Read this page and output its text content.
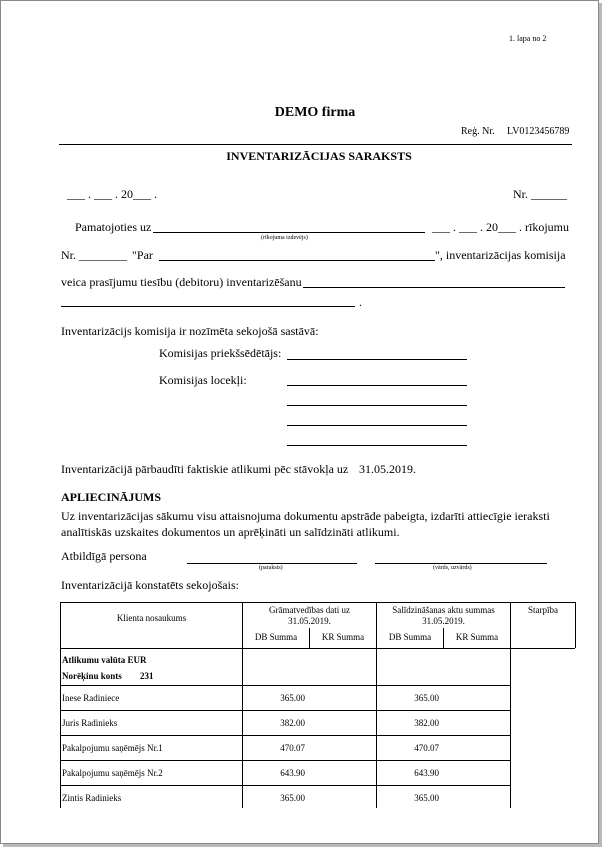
1. lapa no 2
DEMO firma
Reģ. Nr. LV0123456789
INVENTARIZĀCIJAS SARAKSTS
___ . ___ . 20___ .	Nr. ______
Pamatojoties uz
(rīkojuma izdevējs)
___ . ___ . 20___ . rīkojumu
Nr. ________ "Par	", inventarizācijas komisija
veica prasījumu tiesību (debitoru) inventarizēšanu
.
Inventarizācijs komisija ir nozīmēta sekojošā sastāvā:
Komisijas priekšsēdētājs:
Komisijas locekļi:
Inventarizācijā pārbaudīti faktiskie atlikumi pēc stāvokļa uz 31.05.2019.
APLIECINĀJUMS
Uz inventarizācijas sākumu visu attaisnojuma dokumentu apstrāde pabeigta, izdarīti attiecīgie ieraksti
analītiskās uzskaites dokumentos un aprēķināti un salīdzināti atlikumi.
Atbildīgā persona
(paraksts)	(vārds, uzvārds)
Inventarizācijā konstatēts sekojošais:
Klienta nosaukums
Grāmatvedības dati uz
31.05.2019.
Salīdzināšanas aktu summas
31.05.2019.
Starpība
DB Summa	KR Summa	DB Summa	KR Summa
Atlikumu valūta EUR
Norēķinu konts 231
Inese Radiniece	365.00	365.00
Juris Radinieks	382.00	382.00
Pakalpojumu saņēmējs Nr.1	470.07	470.07
Pakalpojumu saņēmējs Nr.2	643.90	643.90
Zintis Radinieks	365.00	365.00
